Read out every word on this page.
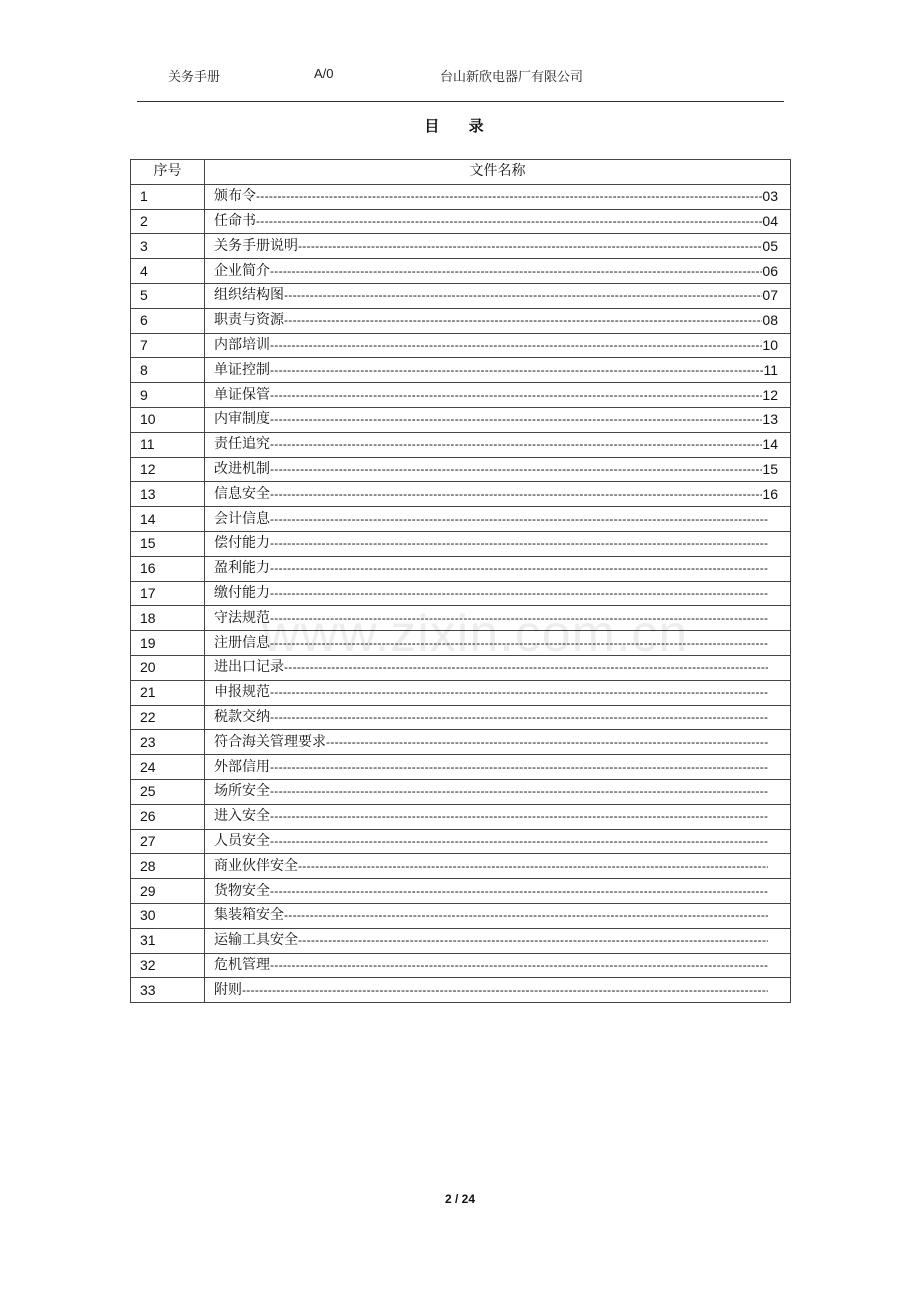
关务手册	A/0	台山新欣电器厂有限公司
目 录
序号	文件名称
1	颁布令 ----- 03

2	任命书 ----- 04

3	关务手册说明 ----- 05

4	企业简介 ----- 06

5	组织结构图 ----- 07

6	职责与资源 ----- 08

7	内部培训 ----- 10

8	单证控制 ----- 11

9	单证保管 ----- 12

10	内审制度 ----- 13

11	责任追究 ----- 14

12	改进机制 ----- 15

13	信息安全 ----- 16

14	会计信息
-----

15	偿付能力
-----

16	盈利能力
-----

17	缴付能力
-----

18	守法规范
-----

19	注册信息
-----

20	进出口记录
-----

21	申报规范
-----

22	税款交纳
-----

23	符合海关管理要求
-----

24	外部信用
-----

25	场所安全
-----

26	进入安全
-----

27	人员安全
-----

28	商业伙伴安全
-----

29	货物安全
-----

30	集装箱安全
-----

31	运输工具安全
-----

32	危机管理
-----

33	附则
-----
www.zixin.com.cn
2 / 24
